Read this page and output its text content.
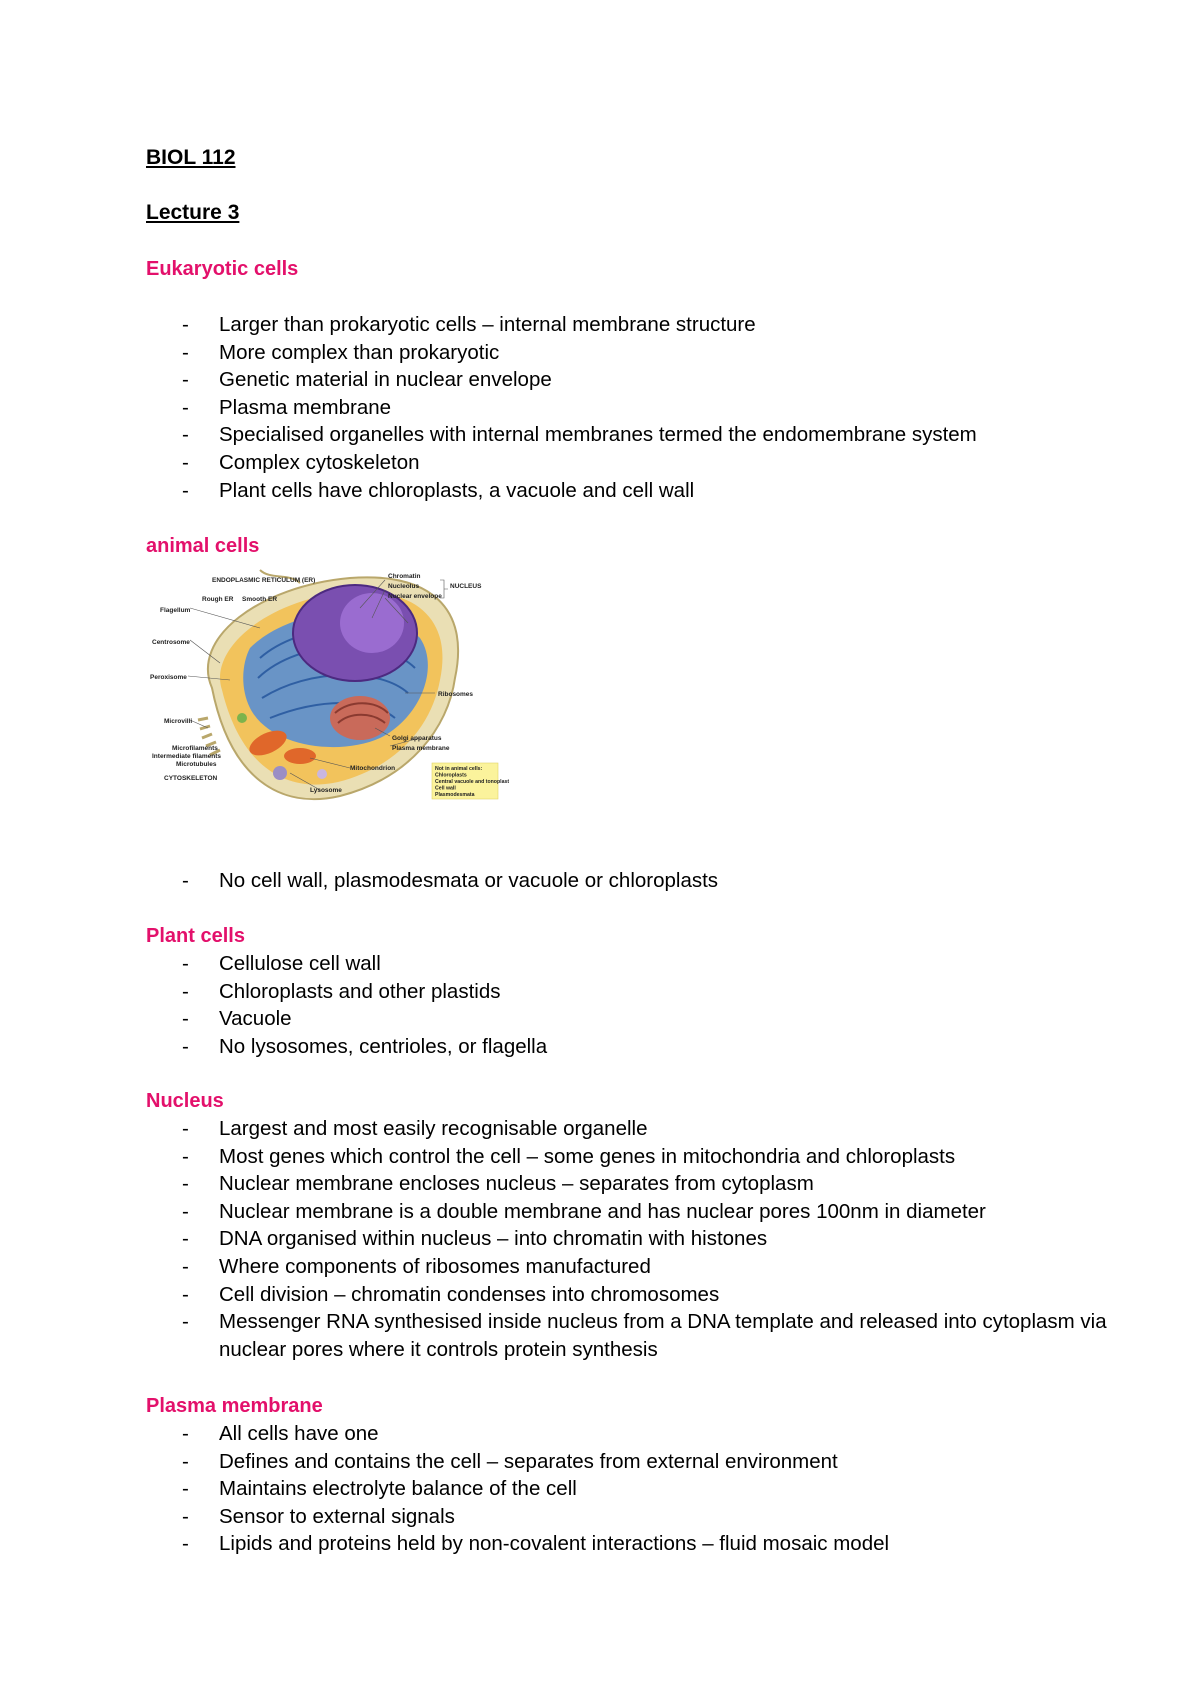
BIOL 112
Lecture 3
Eukaryotic cells
- Larger than prokaryotic cells – internal membrane structure
- More complex than prokaryotic
- Genetic material in nuclear envelope
- Plasma membrane
- Specialised organelles with internal membranes termed the endomembrane system
- Complex cytoskeleton
- Plant cells have chloroplasts, a vacuole and cell wall
animal cells
ENDOPLASMIC RETICULUM (ER)
Rough ER Smooth ER
Flagellum
Centrosome
Peroxisome
Microvilli
Microfilaments
Intermediate filaments
Microtubules
CYTOSKELETON
Lysosome
Mitochondrion
Chromatin
Nucleolus
Nuclear envelope
NUCLEUS
Ribosomes
Golgi apparatus
Plasma membrane
Not in animal cells:
Chloroplasts
Central vacuole and tonoplast
Cell wall
Plasmodesmata
- No cell wall, plasmodesmata or vacuole or chloroplasts
Plant cells
- Cellulose cell wall
- Chloroplasts and other plastids
- Vacuole
- No lysosomes, centrioles, or flagella
Nucleus
- Largest and most easily recognisable organelle
- Most genes which control the cell – some genes in mitochondria and chloroplasts
- Nuclear membrane encloses nucleus – separates from cytoplasm
- Nuclear membrane is a double membrane and has nuclear pores 100nm in diameter
- DNA organised within nucleus – into chromatin with histones
- Where components of ribosomes manufactured
- Cell division – chromatin condenses into chromosomes
- Messenger RNA synthesised inside nucleus from a DNA template and released into cytoplasm via nuclear pores where it controls protein synthesis
Plasma membrane
- All cells have one
- Defines and contains the cell – separates from external environment
- Maintains electrolyte balance of the cell
- Sensor to external signals
- Lipids and proteins held by non-covalent interactions – fluid mosaic model
